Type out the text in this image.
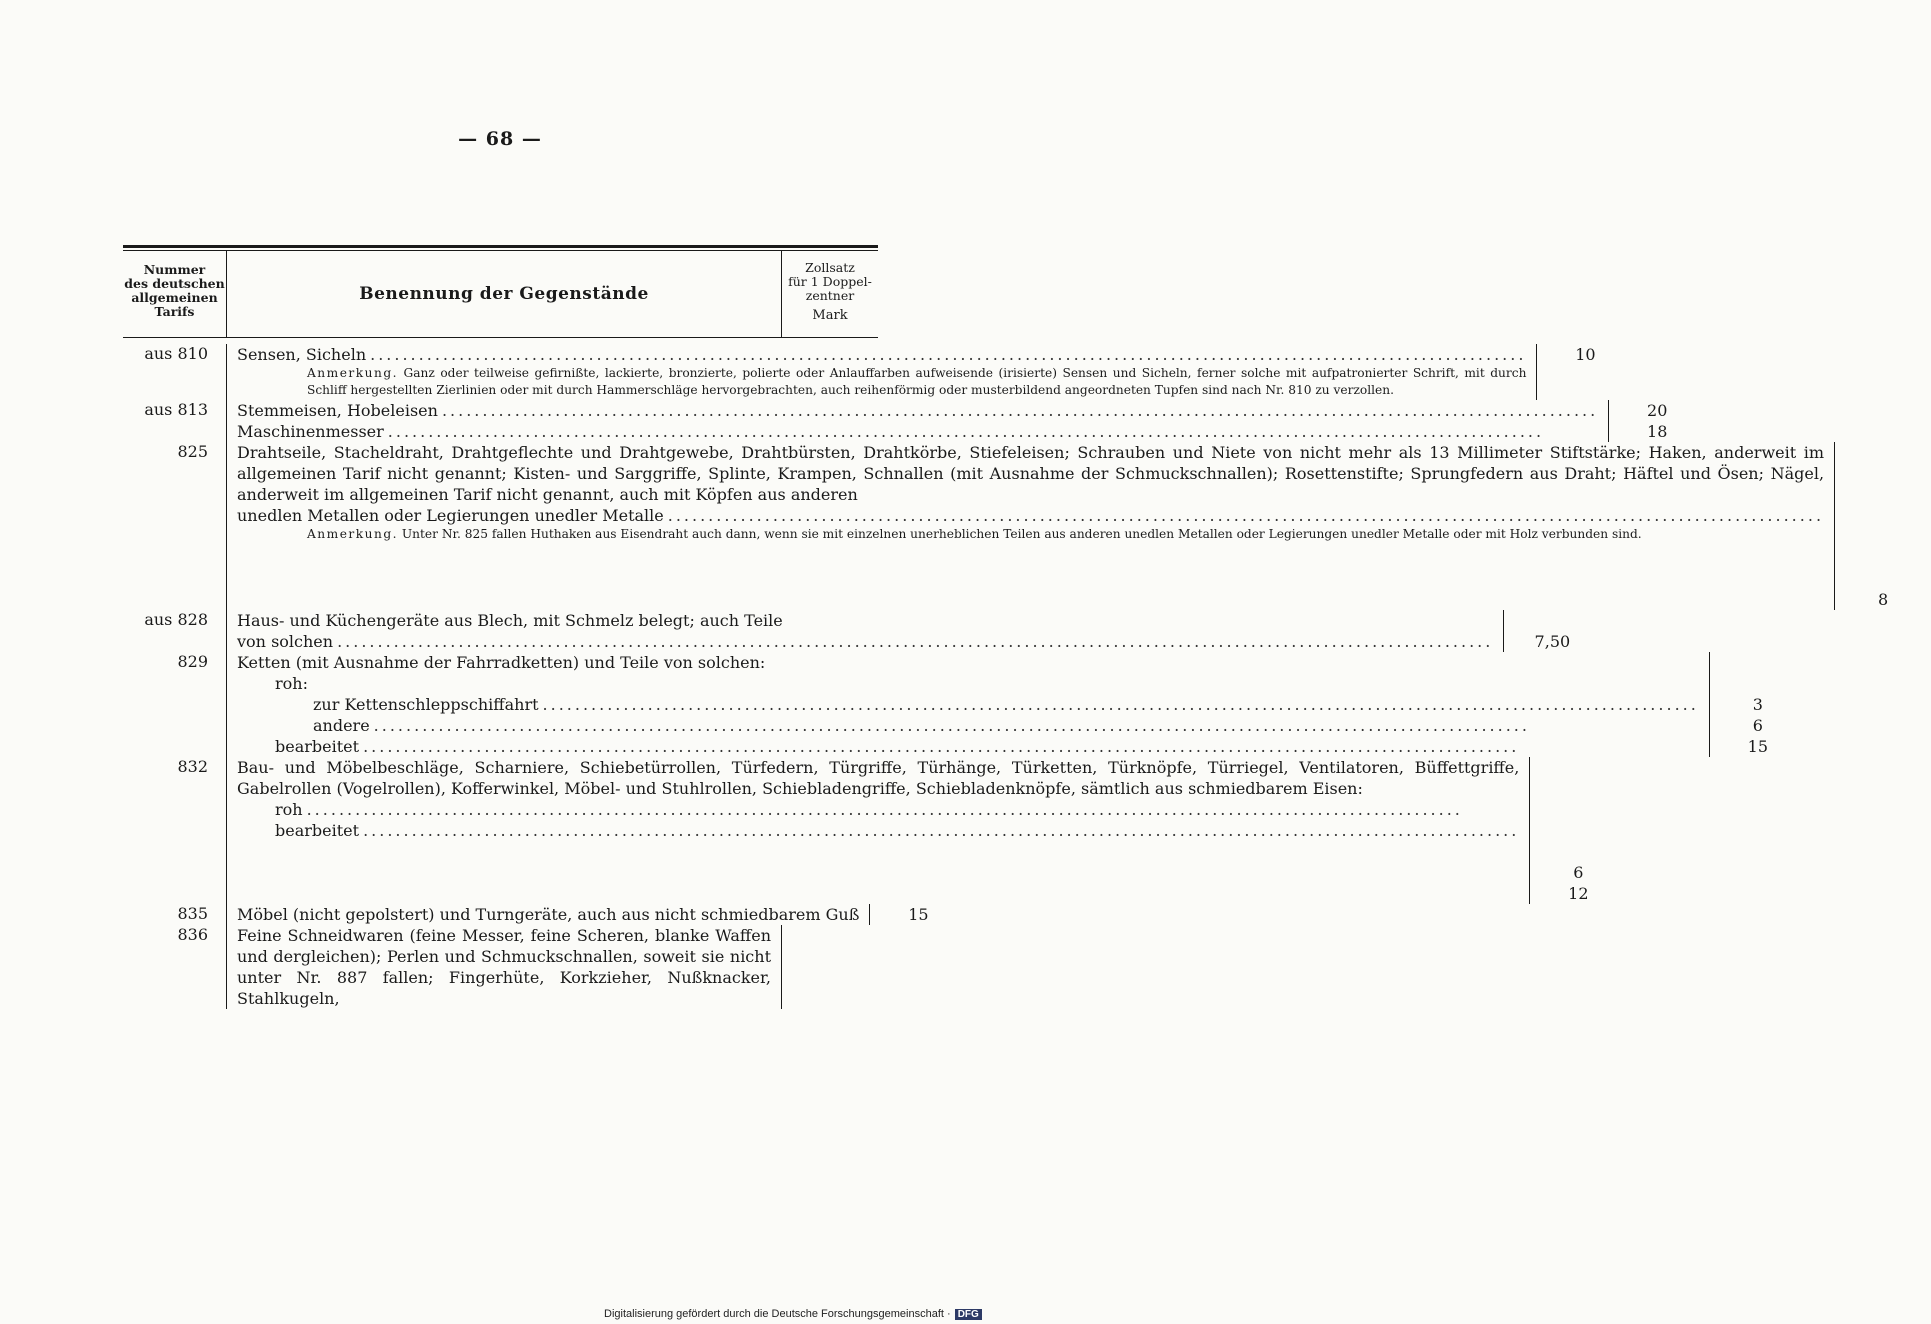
— 68 —
Nummer
des deutschen
allgemeinen
Tarifs
Benennung der Gegenstände
Zollsatz
für 1 Doppel-
zentner
Mark
aus 810	Sensen, Sicheln
.....
Anmerkung. Ganz oder teilweise gefirnißte, lackierte, bronzierte, polierte oder Anlauffarben aufweisende (irisierte) Sensen und Sicheln, ferner solche mit aufpatronierter Schrift, mit durch Schliff hergestellten Zierlinien oder mit durch Hammerschläge hervorgebrachten, auch reihenförmig oder musterbildend angeordneten Tupfen sind nach Nr. 810 zu verzollen.
10
aus 813	Stemmeisen, Hobeleisen
.....
Maschinenmesser
.....
20
18
825	Drahtseile, Stacheldraht, Drahtgeflechte und Drahtgewebe, Drahtbürsten, Drahtkörbe, Stiefeleisen; Schrauben und Niete von nicht mehr als 13 Millimeter Stiftstärke; Haken, anderweit im allgemeinen Tarif nicht genannt; Kisten- und Sarggriffe, Splinte, Krampen, Schnallen (mit Ausnahme der Schmuckschnallen); Rosettenstifte; Sprungfedern aus Draht; Häftel und Ösen; Nägel, anderweit im allgemeinen Tarif nicht genannt, auch mit Köpfen aus anderen
unedlen Metallen oder Legierungen unedler Metalle
.....
Anmerkung. Unter Nr. 825 fallen Huthaken aus Eisendraht auch dann, wenn sie mit einzelnen unerheblichen Teilen aus anderen unedlen Metallen oder Legierungen unedler Metalle oder mit Holz verbunden sind.
8
aus 828	Haus- und Küchengeräte aus Blech, mit Schmelz belegt; auch Teile
von solchen
.....	7,50
829	Ketten (mit Ausnahme der Fahrradketten) und Teile von solchen:
roh:
zur Kettenschleppschiffahrt
.....
andere
.....
bearbeitet
.....
3
6
15
832	Bau- und Möbelbeschläge, Scharniere, Schiebetürrollen, Türfedern, Türgriffe, Türhänge, Türketten, Türknöpfe, Türriegel, Ventilatoren, Büffettgriffe, Gabelrollen (Vogelrollen), Kofferwinkel, Möbel- und Stuhlrollen, Schiebladengriffe, Schiebladenknöpfe, sämtlich aus schmiedbarem Eisen:
roh
.....
bearbeitet
.....
6
12
835	Möbel (nicht gepolstert) und Turngeräte, auch aus nicht schmiedbarem Guß	15
836	Feine Schneidwaren (feine Messer, feine Scheren, blanke Waffen und dergleichen); Perlen und Schmuckschnallen, soweit sie nicht unter Nr. 887 fallen; Fingerhüte, Korkzieher, Nußknacker, Stahlkugeln,
Digitalisierung gefördert durch die Deutsche Forschungsgemeinschaft · DFG
